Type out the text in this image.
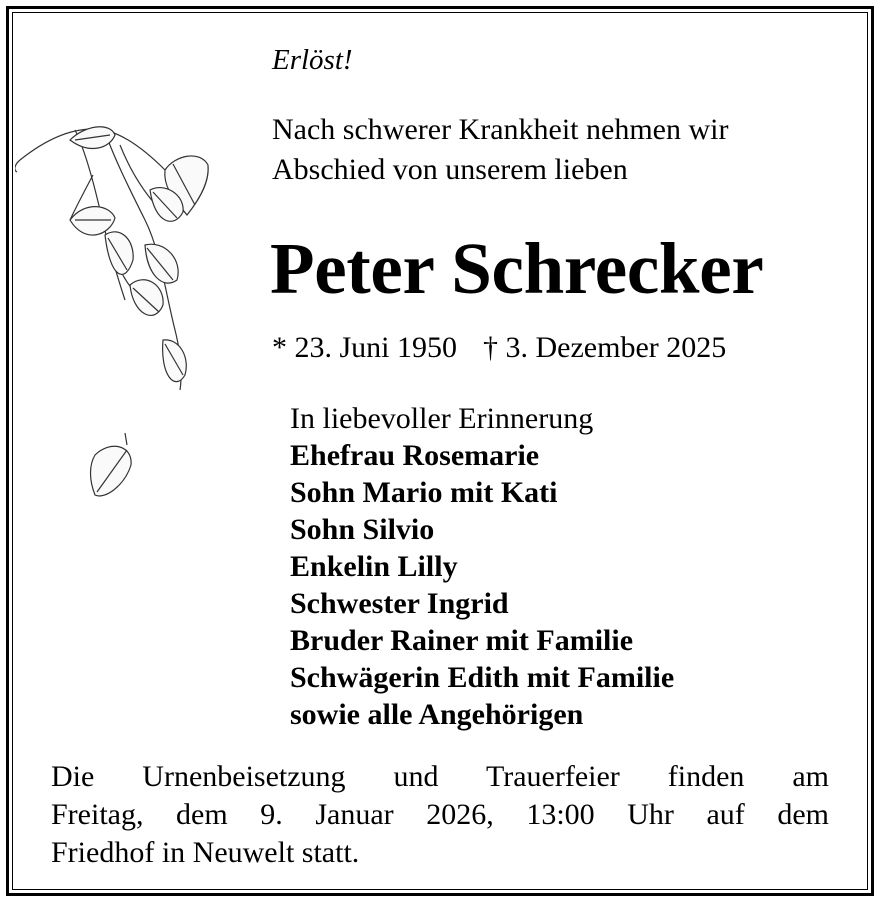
Erlöst!
Nach schwerer Krankheit nehmen wir
Abschied von unserem lieben
Peter Schrecker
* 23. Juni 1950 † 3. Dezember 2025
In liebevoller Erinnerung
Ehefrau Rosemarie
Sohn Mario mit Kati
Sohn Silvio
Enkelin Lilly
Schwester Ingrid
Bruder Rainer mit Familie
Schwägerin Edith mit Familie
sowie alle Angehörigen
Die Urnenbeisetzung und Trauerfeier finden am
Freitag, dem 9. Januar 2026, 13:00 Uhr auf dem
Friedhof in Neuwelt statt.
